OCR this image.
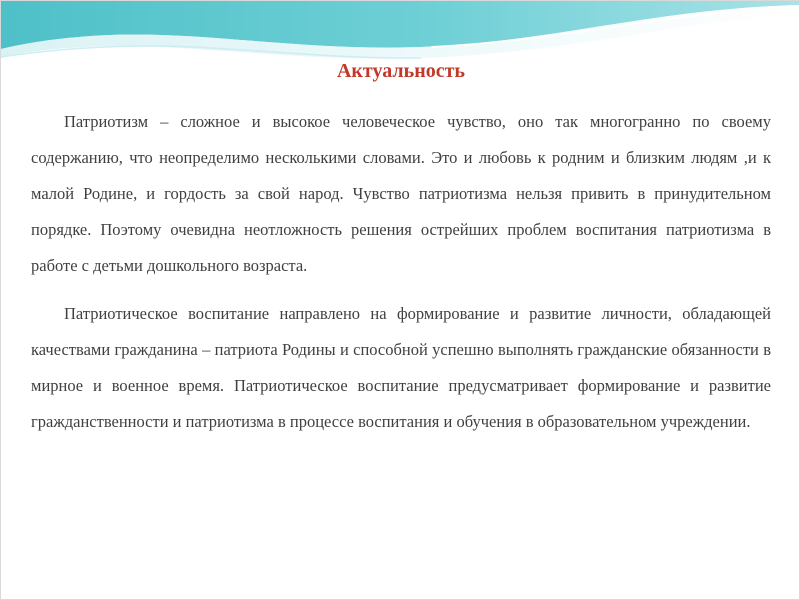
Актуальность

Патриотизм – сложное и высокое человеческое чувство, оно так многогранно по своему содержанию, что неопределимо несколькими словами. Это и любовь к родним и близким людям ,и к малой Родине, и гордость за свой народ. Чувство патриотизма нельзя привить в принудительном порядке. Поэтому очевидна неотложность решения острейших проблем воспитания патриотизма в работе с детьми дошкольного возраста.

Патриотическое воспитание направлено на формирование и развитие личности, обладающей качествами гражданина – патриота Родины и способной успешно выполнять гражданские обязанности в мирное и военное время. Патриотическое воспитание предусматривает формирование и развитие гражданственности и патриотизма в процессе воспитания и обучения в образовательном учреждении.
